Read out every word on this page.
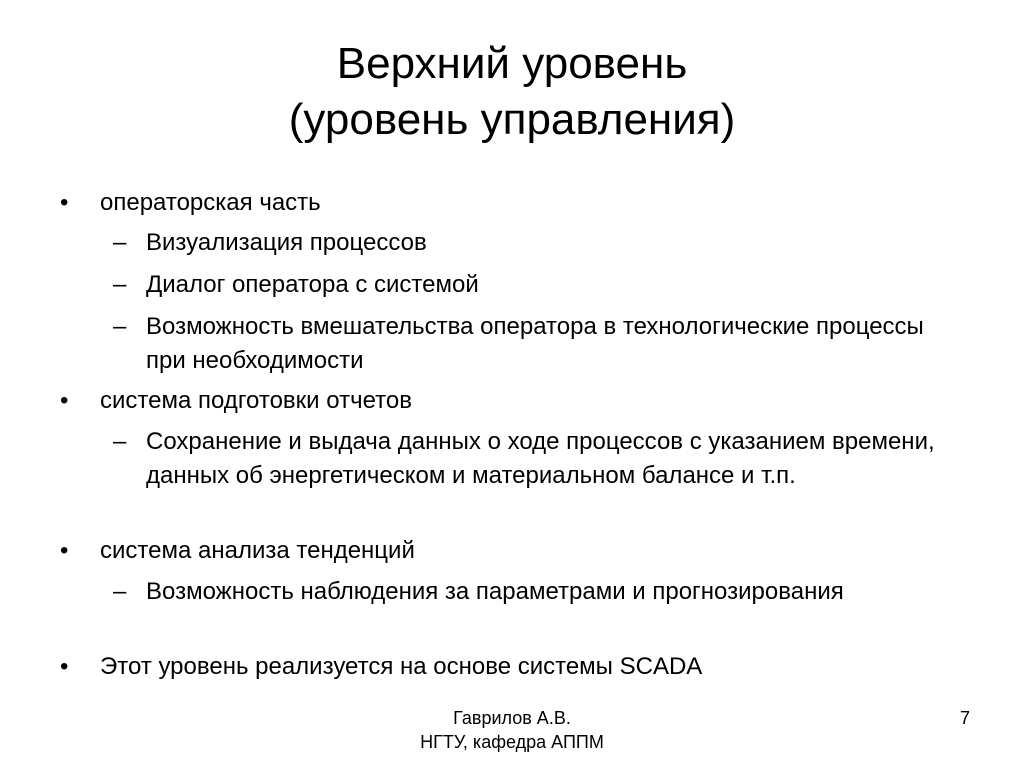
Верхний уровень
(уровень управления)
• операторская часть
– Визуализация процессов
– Диалог оператора с системой
– Возможность вмешательства оператора в технологические процессы при необходимости
• система подготовки отчетов
– Сохранение и выдача данных о ходе процессов с указанием времени, данных об энергетическом и материальном балансе и т.п.
• система анализа тенденций
– Возможность наблюдения за параметрами и прогнозирования
• Этот уровень реализуется на основе системы SCADA
Гаврилов А.В.
НГТУ, кафедра АППМ
7
